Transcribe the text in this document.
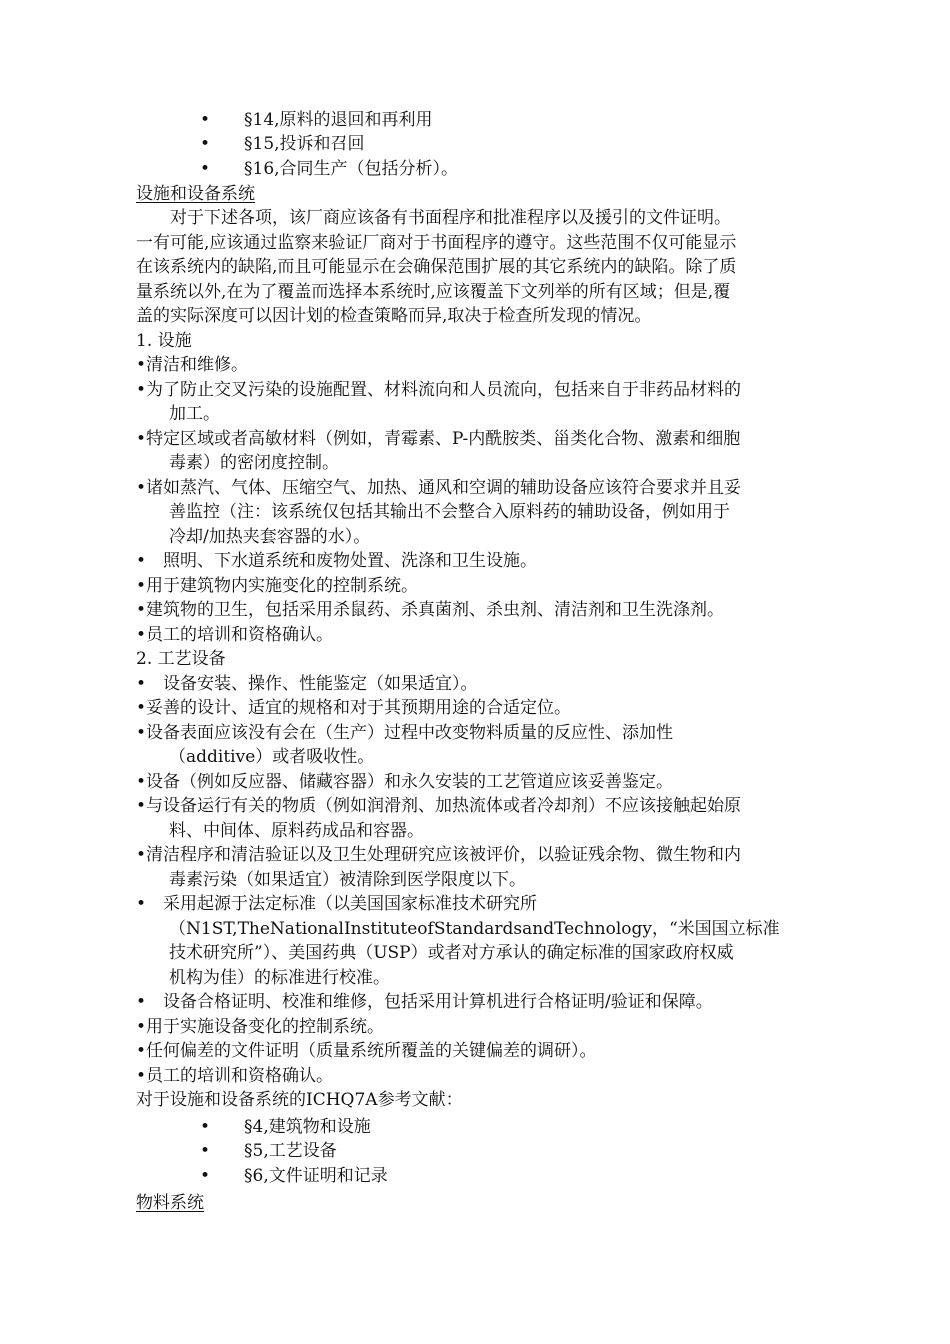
• §14,原料的退回和再利用
• §15,投诉和召回
• §16,合同生产（包括分析）。
设施和设备系统
　　对于下述各项，该厂商应该备有书面程序和批准程序以及援引的文件证明。
一有可能,应该通过监察来验证厂商对于书面程序的遵守。这些范围不仅可能显示
在该系统内的缺陷,而且可能显示在会确保范围扩展的其它系统内的缺陷。除了质
量系统以外,在为了覆盖而选择本系统时,应该覆盖下文列举的所有区域；但是,覆
盖的实际深度可以因计划的检查策略而异,取决于检查所发现的情况。
1. 设施
•清洁和维修。
•为了防止交叉污染的设施配置、材料流向和人员流向，包括来自于非药品材料的
加工。
•特定区域或者高敏材料（例如，青霉素、P-内酰胺类、甾类化合物、激素和细胞
毒素）的密闭度控制。
•诸如蒸汽、气体、压缩空气、加热、通风和空调的辅助设备应该符合要求并且妥
善监控（注：该系统仅包括其输出不会整合入原料药的辅助设备，例如用于
冷却/加热夹套容器的水）。
•　照明、下水道系统和废物处置、洗涤和卫生设施。
•用于建筑物内实施变化的控制系统。
•建筑物的卫生，包括采用杀鼠药、杀真菌剂、杀虫剂、清洁剂和卫生洗涤剂。
•员工的培训和资格确认。
2. 工艺设备
•　设备安装、操作、性能鉴定（如果适宜）。
•妥善的设计、适宜的规格和对于其预期用途的合适定位。
•设备表面应该没有会在（生产）过程中改变物料质量的反应性、添加性
（additive）或者吸收性。
•设备（例如反应器、储藏容器）和永久安装的工艺管道应该妥善鉴定。
•与设备运行有关的物质（例如润滑剂、加热流体或者冷却剂）不应该接触起始原
料、中间体、原料药成品和容器。
•清洁程序和清洁验证以及卫生处理研究应该被评价，以验证残余物、微生物和内
毒素污染（如果适宜）被清除到医学限度以下。
•　采用起源于法定标准（以美国国家标准技术研究所
（N1ST,TheNationalInstituteofStandardsandTechnology，“米国国立标准
技术研究所”）、美国药典（USP）或者对方承认的确定标准的国家政府权威
机构为佳）的标准进行校准。
•　设备合格证明、校准和维修，包括采用计算机进行合格证明/验证和保障。
•用于实施设备变化的控制系统。
•任何偏差的文件证明（质量系统所覆盖的关键偏差的调研）。
•员工的培训和资格确认。
对于设施和设备系统的ICHQ7A参考文献：
• §4,建筑物和设施
• §5,工艺设备
• §6,文件证明和记录
物料系统
